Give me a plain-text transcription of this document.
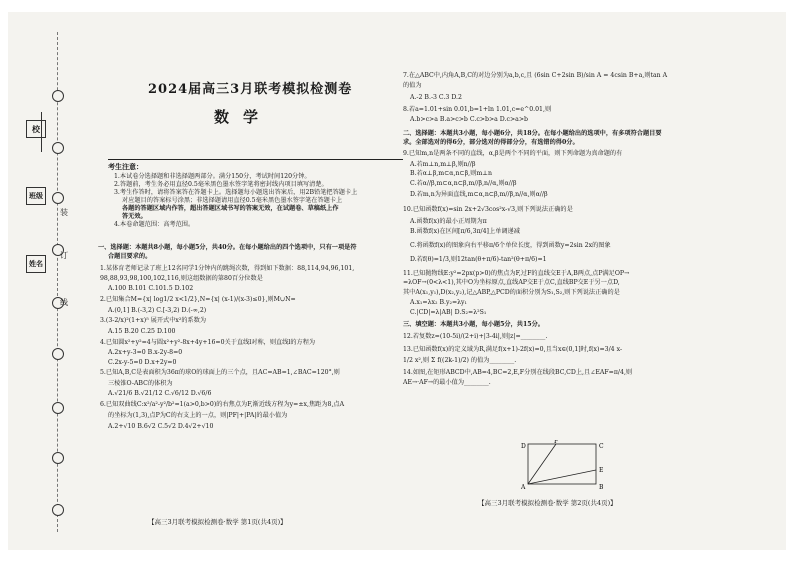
校
班级
姓名
装
订
线
2024届高三3月联考模拟检测卷
数学
考生注意：
1.本试卷分选择题和非选择题两部分。满分150分，考试时间120分钟。
2.答题前，考生务必用直径0.5毫米黑色墨水签字笔将密封线内项目填写清楚。
3.考生作答时，请将答案答在答题卡上。选择题每小题选出答案后，用2B铅笔把答题卡上
对应题目的答案标号涂黑；非选择题请用直径0.5毫米黑色墨水签字笔在答题卡上
各题的答题区域内作答，超出答题区域书写的答案无效，在试题卷、草稿纸上作
答无效。
4.本卷命题范围：高考范围。
一、选择题：本题共8小题，每小题5分，共40分。在每小题给出的四个选项中，只有一项是符
合题目要求的。
【高三3月联考模拟检测卷·数学 第1页(共4页)】
D
F
C
E
A	B
【高三3月联考模拟检测卷·数学 第2页(共4页)】
1.某体育老师记录了班上12名同学1分钟内的跳绳次数，得到如下数据：88,114,94,96,101,
98,88,93,98,100,102,116,则这组数据的第80百分位数是
A.100 B.101 C.101.5 D.102
2.已知集合M={x| log1/2 x<1/2},N={x| (x-1)/(x-3)≤0},则M∪N=
A.(0,1] B.(-3,2) C.[-3,2) D.(-∞,2)
3.(3-2/x)²(1+x)⁵ 展开式中x²的系数为
A.15 B.20 C.25 D.100
4.已知圆x²+y²=4与圆x²+y²-8x+4y+16=0关于直线l对称，则直线l的方程为
A.2x+y-3=0 B.x-2y-8=0
C.2x-y-5=0 D.x+2y=0
5.已知A,B,C是表面积为36π的球O的球面上的三个点，且AC=AB=1,∠BAC=120°,则
三棱锥O-ABC的体积为
A.√21/6 B.√21/12 C.√6/12 D.√6/6
6.已知双曲线C:x²/a²-y²/b²=1(a>0,b>0)的右焦点为F,渐近线方程为y=±x,焦距为8,点A
的坐标为(1,3),点P为C的右支上的一点，则|PF|+|PA|的最小值为
A.2+√10 B.6√2 C.5√2 D.4√2+√10
7.在△ABC中,内角A,B,C的对边分别为a,b,c,且 (6sin C+2sin B)/sin A = 4csin B+a,则tan A
的值为
A.-2 B.-3 C.3 D.2
8.若a=1.01+sin 0.01,b=1+ln 1.01,c=e^0.01,则
A.b>c>a B.a>c>b C.c>b>a D.c>a>b
二、选择题：本题共3小题，每小题6分，共18分。在每小题给出的选项中，有多项符合题目要
求。全部选对的得6分，部分选对的得部分分，有选错的得0分。
9.已知m,n是两条不同的直线，α,β是两个不同的平面，则下列命题为真命题的有
A.若m⊥n,m⊥β,则n//β
B.若α⊥β,m⊂α,n⊂β,则m⊥n
C.若α//β,m⊂α,n⊂β,m//β,n//α,则α//β
D.若m,n为异面直线,m⊂α,n⊂β,m//β,n//α,则α//β
10.已知函数f(x)=sin 2x+2√3cos²x-√3,则下列说法正确的是
A.函数f(x)的最小正周期为π
B.函数f(x)在区间[π/6,3π/4]上单调递减
C.将函数f(x)的图象向右平移π/6个单位长度，得到函数y=2sin 2x的图象
D.若f(θ)=1/3,则12tan(θ+π/6)-tan²(θ+π/6)=1
11.已知抛物线E:y²=2px(p>0)的焦点为F,过F的直线交E于A,B两点,点P满足OP→
=λOF→(0<λ<1),其中O为坐标原点,直线AP交E于点C,直线BP交E于另一点D,
其中A(x₁,y₁),D(x₂,y₂),记△ABP,△PCD的面积分别为S₁,S₂,则下列说法正确的是
A.x₁=λx₂ B.y₂=λy₁
C.|CD|=λ|AB| D.S₂=λ²S₁
三、填空题：本题共3小题，每小题5分，共15分。
12.若复数z=(10-5i)/(2+i)+|3-4i|,则|z|=________.
13.已知函数f(x)的定义域为R,满足f(x+1)-2f(x)=0,且当x∈(0,1]时,f(x)=3/4 x-
1/2 x²,则 Σ f((2k-1)/2) 的值为________.
14.如图,在矩形ABCD中,AB=4,BC=2,E,F分别在线段BC,CD上,且∠EAF=π/4,则
AE→·AF→的最小值为________.
